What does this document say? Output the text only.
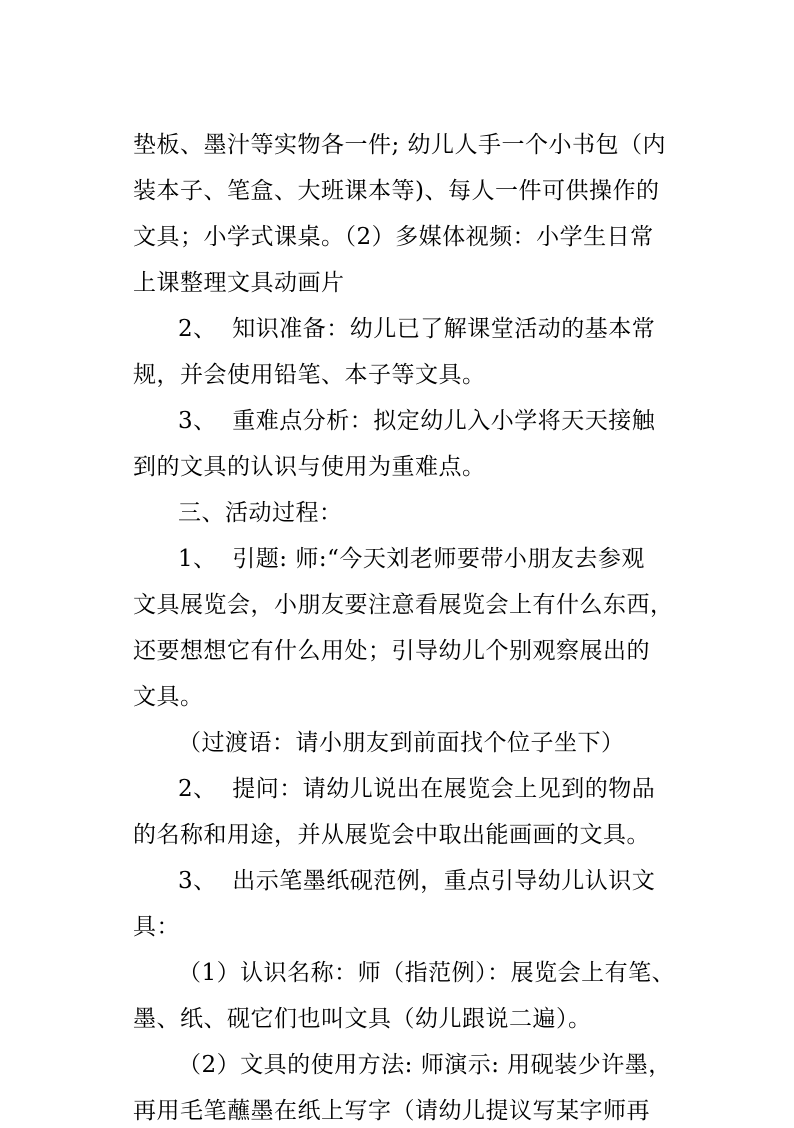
垫板、墨汁等实物各一件; 幼儿人手一个小书包（内
装本子、笔盒、大班课本等)、每人一件可供操作的
文具；小学式课桌。（2）多媒体视频：小学生日常
上课整理文具动画片
2、  知识准备：幼儿已了解课堂活动的基本常
规，并会使用铅笔、本子等文具。
3、  重难点分析：拟定幼儿入小学将天天接触
到的文具的认识与使用为重难点。
三、活动过程：
1、  引题: 师:“今天刘老师要带小朋友去参观
文具展览会，小朋友要注意看展览会上有什么东西，
还要想想它有什么用处；引导幼儿个别观察展出的
文具。
（过渡语：请小朋友到前面找个位子坐下）
2、  提问：请幼儿说出在展览会上见到的物品
的名称和用途，并从展览会中取出能画画的文具。
3、  出示笔墨纸砚范例，重点引导幼儿认识文
具：
（1）认识名称：师（指范例）：展览会上有笔、
墨、纸、砚它们也叫文具（幼儿跟说二遍）。
（2）文具的使用方法: 师演示: 用砚装少许墨，
再用毛笔蘸墨在纸上写字（请幼儿提议写某字师再
